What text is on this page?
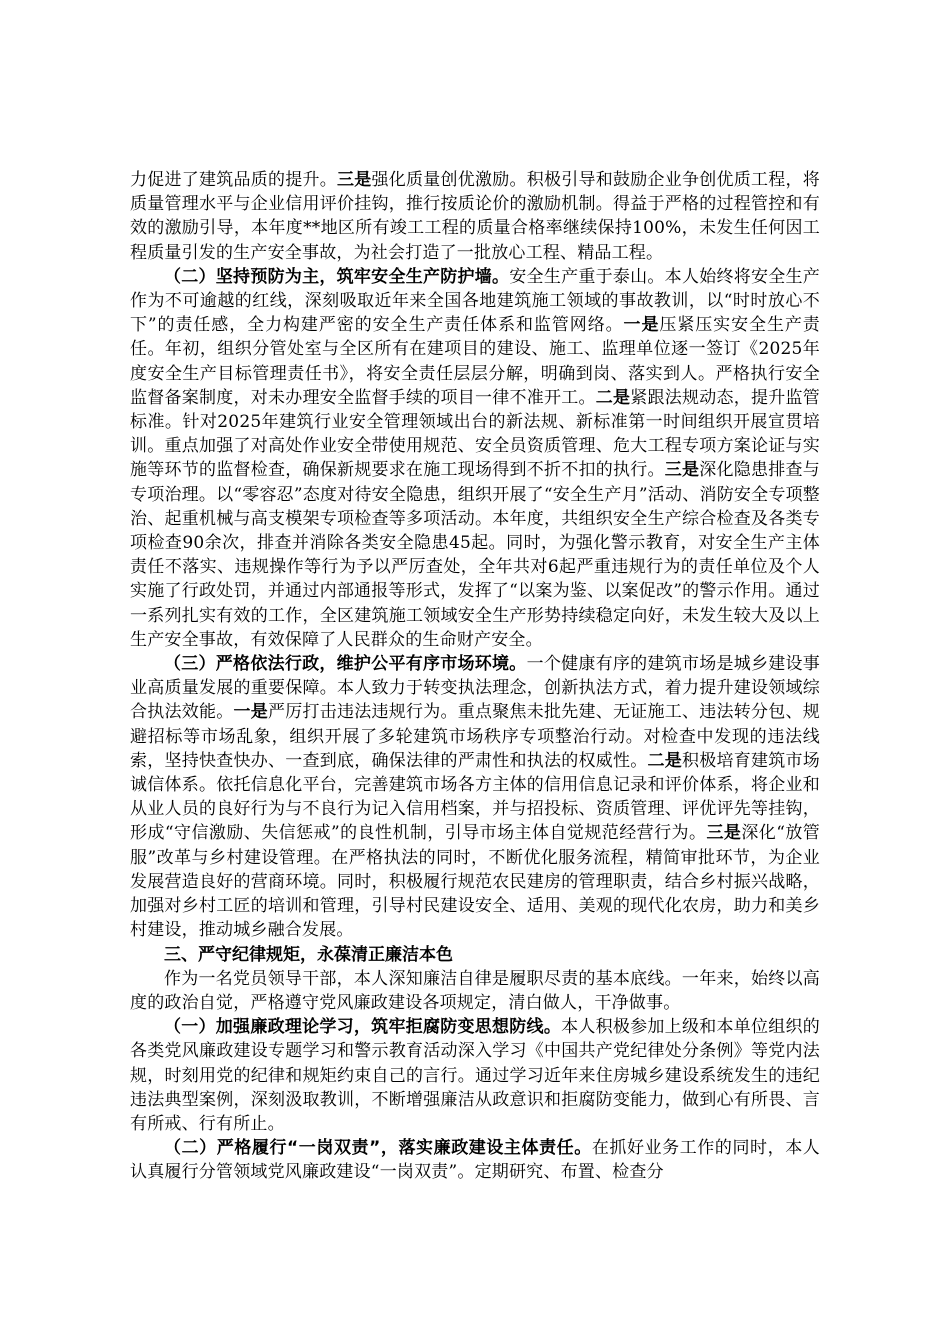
力促进了建筑品质的提升。三是强化质量创优激励。积极引导和鼓励企业争创优质工程，将质量管理水平与企业信用评价挂钩，推行按质论价的激励机制。得益于严格的过程管控和有效的激励引导，本年度**地区所有竣工工程的质量合格率继续保持100%，未发生任何因工程质量引发的生产安全事故，为社会打造了一批放心工程、精品工程。

（二）坚持预防为主，筑牢安全生产防护墙。安全生产重于泰山。本人始终将安全生产作为不可逾越的红线，深刻吸取近年来全国各地建筑施工领域的事故教训，以“时时放心不下”的责任感，全力构建严密的安全生产责任体系和监管网络。一是压紧压实安全生产责任。年初，组织分管处室与全区所有在建项目的建设、施工、监理单位逐一签订《2025年度安全生产目标管理责任书》，将安全责任层层分解，明确到岗、落实到人。严格执行安全监督备案制度，对未办理安全监督手续的项目一律不准开工。二是紧跟法规动态，提升监管标准。针对2025年建筑行业安全管理领域出台的新法规、新标准第一时间组织开展宣贯培训。重点加强了对高处作业安全带使用规范、安全员资质管理、危大工程专项方案论证与实施等环节的监督检查，确保新规要求在施工现场得到不折不扣的执行。三是深化隐患排查与专项治理。以“零容忍”态度对待安全隐患，组织开展了“安全生产月”活动、消防安全专项整治、起重机械与高支模架专项检查等多项活动。本年度，共组织安全生产综合检查及各类专项检查90余次，排查并消除各类安全隐患45起。同时，为强化警示教育，对安全生产主体责任不落实、违规操作等行为予以严厉查处，全年共对6起严重违规行为的责任单位及个人实施了行政处罚，并通过内部通报等形式，发挥了“以案为鉴、以案促改”的警示作用。通过一系列扎实有效的工作，全区建筑施工领域安全生产形势持续稳定向好，未发生较大及以上生产安全事故，有效保障了人民群众的生命财产安全。

（三）严格依法行政，维护公平有序市场环境。一个健康有序的建筑市场是城乡建设事业高质量发展的重要保障。本人致力于转变执法理念，创新执法方式，着力提升建设领域综合执法效能。一是严厉打击违法违规行为。重点聚焦未批先建、无证施工、违法转分包、规避招标等市场乱象，组织开展了多轮建筑市场秩序专项整治行动。对检查中发现的违法线索，坚持快查快办、一查到底，确保法律的严肃性和执法的权威性。二是积极培育建筑市场诚信体系。依托信息化平台，完善建筑市场各方主体的信用信息记录和评价体系，将企业和从业人员的良好行为与不良行为记入信用档案，并与招投标、资质管理、评优评先等挂钩，形成“守信激励、失信惩戒”的良性机制，引导市场主体自觉规范经营行为。三是深化“放管服”改革与乡村建设管理。在严格执法的同时，不断优化服务流程，精简审批环节，为企业发展营造良好的营商环境。同时，积极履行规范农民建房的管理职责，结合乡村振兴战略，加强对乡村工匠的培训和管理，引导村民建设安全、适用、美观的现代化农房，助力和美乡村建设，推动城乡融合发展。

三、严守纪律规矩，永葆清正廉洁本色

作为一名党员领导干部，本人深知廉洁自律是履职尽责的基本底线。一年来，始终以高度的政治自觉，严格遵守党风廉政建设各项规定，清白做人，干净做事。

（一）加强廉政理论学习，筑牢拒腐防变思想防线。本人积极参加上级和本单位组织的各类党风廉政建设专题学习和警示教育活动深入学习《中国共产党纪律处分条例》等党内法规，时刻用党的纪律和规矩约束自己的言行。通过学习近年来住房城乡建设系统发生的违纪违法典型案例，深刻汲取教训，不断增强廉洁从政意识和拒腐防变能力，做到心有所畏、言有所戒、行有所止。

（二）严格履行“一岗双责”，落实廉政建设主体责任。在抓好业务工作的同时，本人认真履行分管领域党风廉政建设“一岗双责”。定期研究、布置、检查分
